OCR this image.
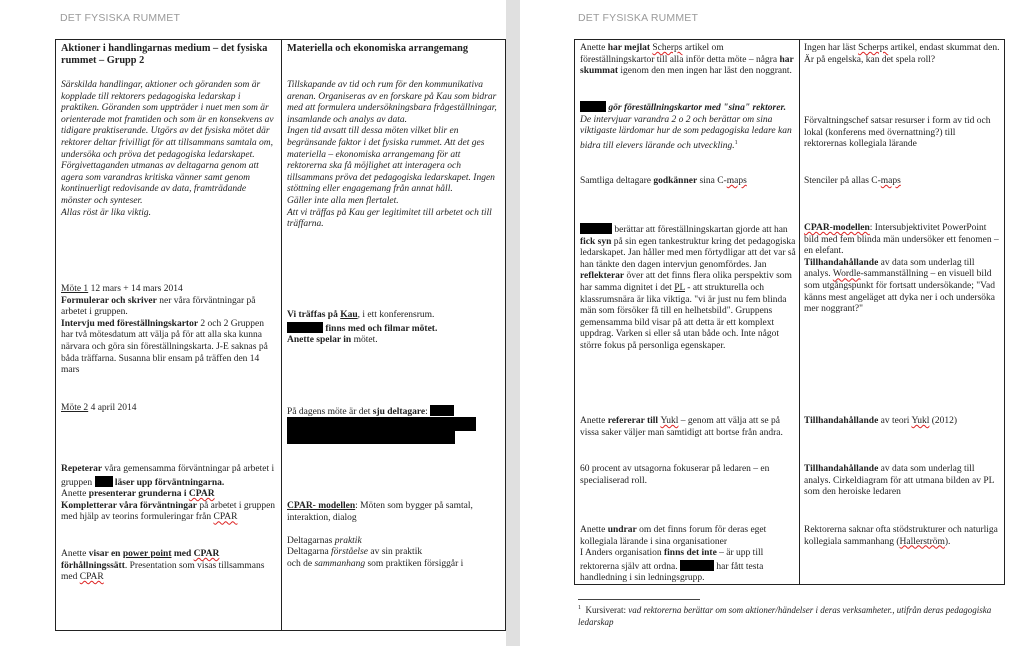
DET FYSISKA RUMMET
Aktioner i handlingarnas medium – det fysiska rummet – Grupp 2
Särskilda handlingar, aktioner och göranden som är kopplade till rektorers pedagogiska ledarskap i praktiken. Göranden som uppträder i nuet men som är orienterade mot framtiden och som är en konsekvens av tidigare praktiserande. Utgörs av det fysiska mötet där rektorer deltar frivilligt för att tillsammans samtala om, undersöka och pröva det pedagogiska ledarskapet. Förgivettaganden utmanas av deltagarna genom att agera som varandras kritiska vänner samt genom kontinuerligt redovisande av data, framträdande mönster och synteser.
Allas röst är lika viktig.
Möte 1 12 mars + 14 mars 2014
Formulerar och skriver ner våra förväntningar på arbetet i gruppen.
Intervju med föreställningskartor 2 och 2 Gruppen har två mötesdatum att välja på för att alla ska kunna närvara och göra sin föreställningskarta. J-E saknas på båda träffarna. Susanna blir ensam på träffen den 14 mars
Möte 2 4 april 2014
Repeterar våra gemensamma förväntningar på arbetet i gruppen  läser upp förväntningarna.
Anette presenterar grunderna i CPAR
Kompletterar våra förväntningar på arbetet i gruppen med hjälp av teorins formuleringar från CPAR
Anette visar en power point med CPAR
förhållningssätt. Presentation som visas tillsammans med CPAR
Materiella och ekonomiska arrangemang
Tillskapande av tid och rum för den kommunikativa arenan. Organiseras av en forskare på Kau som bidrar med att formulera undersökningsbara frågeställningar, insamlande och analys av data.
Ingen tid avsatt till dessa möten vilket blir en begränsande faktor i det fysiska rummet. Att det ges materiella – ekonomiska arrangemang för att rektorerna ska få möjlighet att interagera och tillsammans pröva det pedagogiska ledarskapet. Ingen stöttning eller engagemang från annat håll.
Gäller inte alla men flertalet.
Att vi träffas på Kau ger legitimitet till arbetet och till träffarna.
Vi träffas på Kau, i ett konferensrum.
finns med och filmar mötet.
Anette spelar in mötet.
På dagens möte är det sju deltagare:
CPAR- modellen: Möten som bygger på samtal, interaktion, dialog

Deltagarnas praktik
Deltagarna förståelse av sin praktik
och de sammanhang som praktiken försiggår i
DET FYSISKA RUMMET
Anette har mejlat Scherps artikel om föreställningskartor till alla inför detta möte – några har skummat igenom den men ingen har läst den noggrant.
Ingen har läst Scherps artikel, endast skummat den. Är på engelska, kan det spela roll?
gör föreställningskartor med "sina" rektorer. De intervjuar varandra 2 o 2 och berättar om sina viktigaste lärdomar hur de som pedagogiska ledare kan bidra till elevers lärande och utveckling.$^1$
Förvaltningschef satsar resurser i form av tid och lokal (konferens med övernattning?) till rektorernas kollegiala lärande
Samtliga deltagare godkänner sina C-maps	Stenciler på allas C-maps
berättar att föreställningskartan gjorde att han fick syn på sin egen tankestruktur kring det pedagogiska ledarskapet. Jan håller med men förtydligar att det var så han tänkte den dagen intervjun genomfördes. Jan reflekterar över att det finns flera olika perspektiv som har samma dignitet i det PL - att strukturella och klassrumsnära är lika viktiga. "vi är just nu fem blinda män som försöker få till en helhetsbild". Gruppens gemensamma bild visar på att detta är ett komplext uppdrag. Varken si eller så utan både och. Inte något större fokus på personliga egenskaper.
CPAR-modellen: Intersubjektivitet PowerPoint bild med fem blinda män undersöker ett fenomen – en elefant.
Tillhandahållande av data som underlag till analys. Wordle-sammanställning – en visuell bild som utgångspunkt för fortsatt undersökande; "Vad känns mest angeläget att dyka ner i och undersöka mer noggrant?"
Anette refererar till Yukl – genom att välja att se på vissa saker väljer man samtidigt att bortse från andra.
Tillhandahållande av teori Yukl (2012)
60 procent av utsagorna fokuserar på ledaren – en specialiserad roll.
Tillhandahållande av data som underlag till analys. Cirkeldiagram för att utmana bilden av PL som den heroiske ledaren
Anette undrar om det finns forum för deras eget kollegiala lärande i sina organisationer
I Anders organisation finns det inte – är upp till rektorerna själv att ordna.	har fått testa handledning i sin ledningsgrupp.
Rektorerna saknar ofta stödstrukturer och naturliga kollegiala sammanhang (Hallerström).
$^1$ Kursiverat: vad rektorerna berättar om som aktioner/händelser i deras verksamheter., utifrån deras pedagogiska ledarskap
